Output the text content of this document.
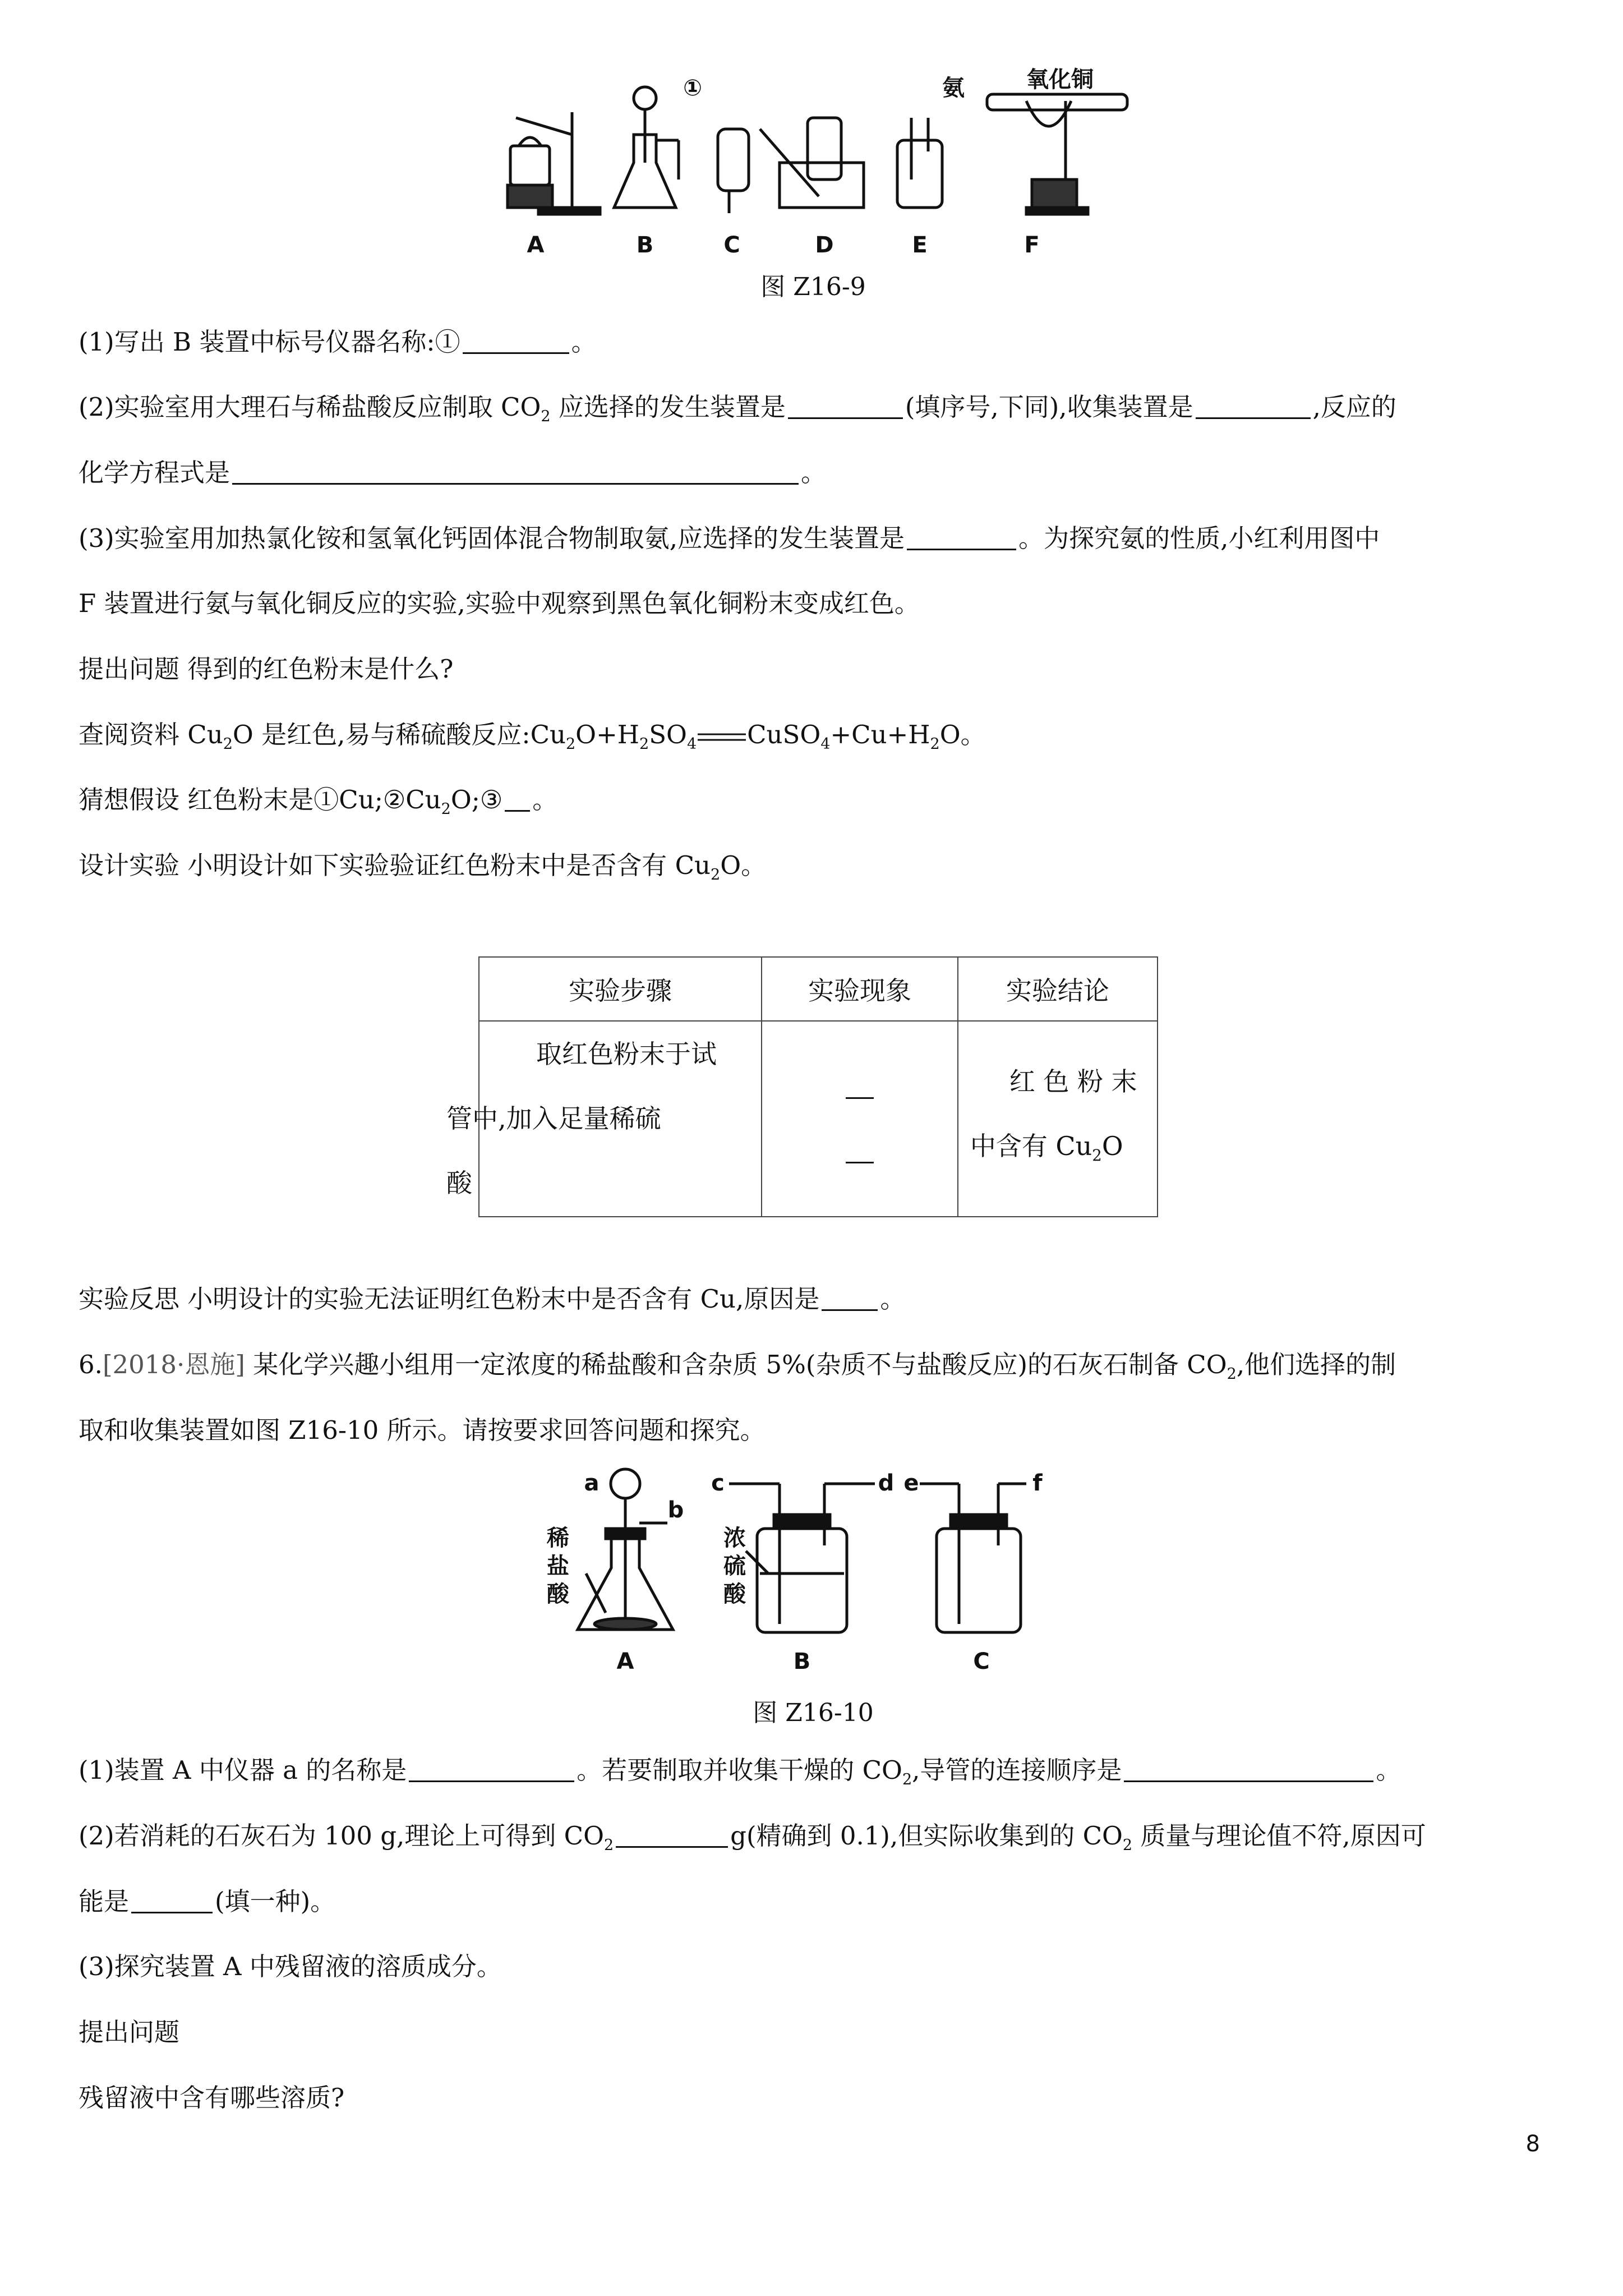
A	B	C	D	E	F
①	氨	氧化铜
图 Z16-9
(1)写出 B 装置中标号仪器名称:①	。
(2)实验室用大理石与稀盐酸反应制取 $CO_2$ 应选择的发生装置是	(填序号,下同),收集装置是	,反应的
化学方程式是	。
(3)实验室用加热氯化铵和氢氧化钙固体混合物制取氨,应选择的发生装置是	。为探究氨的性质,小红利用图中
F 装置进行氨与氧化铜反应的实验,实验中观察到黑色氧化铜粉末变成红色。
提出问题 得到的红色粉末是什么?
查阅资料 $Cu_2O$ 是红色,易与稀硫酸反应$:Cu_2O+H_2SO_4$ $CuSO_4+Cu+H_2O$。
猜想假设 红色粉末是$①Cu;②Cu_2O;③$ 。
设计实验 小明设计如下实验验证红色粉末中是否含有 $Cu_2O$。
实验步骤	实验现象	实验结论

取红色粉末于试
管中,加入足量稀硫
酸		红 色 粉 末
中含有 $Cu_2O$
实验反思 小明设计的实验无法证明红色粉末中是否含有 Cu,原因是 。
6.[2018·恩施] 某化学兴趣小组用一定浓度的稀盐酸和含杂质 5%(杂质不与盐酸反应)的石灰石制备 $CO_2$,他们选择的制
取和收集装置如图 Z16-10 所示。请按要求回答问题和探究。
A	B	C
a
b
c	d e	f
稀
盐
酸
浓
硫
酸
图 Z16-10
(1)装置 A 中仪器 a 的名称是	。若要制取并收集干燥的 $CO_2$,导管的连接顺序是	。
(2)若消耗的石灰石为 100 g,理论上可得到 $CO_2$	g(精确到 0.1),但实际收集到的 $CO_2$ 质量与理论值不符,原因可
能是	(填一种)。
(3)探究装置 A 中残留液的溶质成分。
提出问题
残留液中含有哪些溶质?
8
